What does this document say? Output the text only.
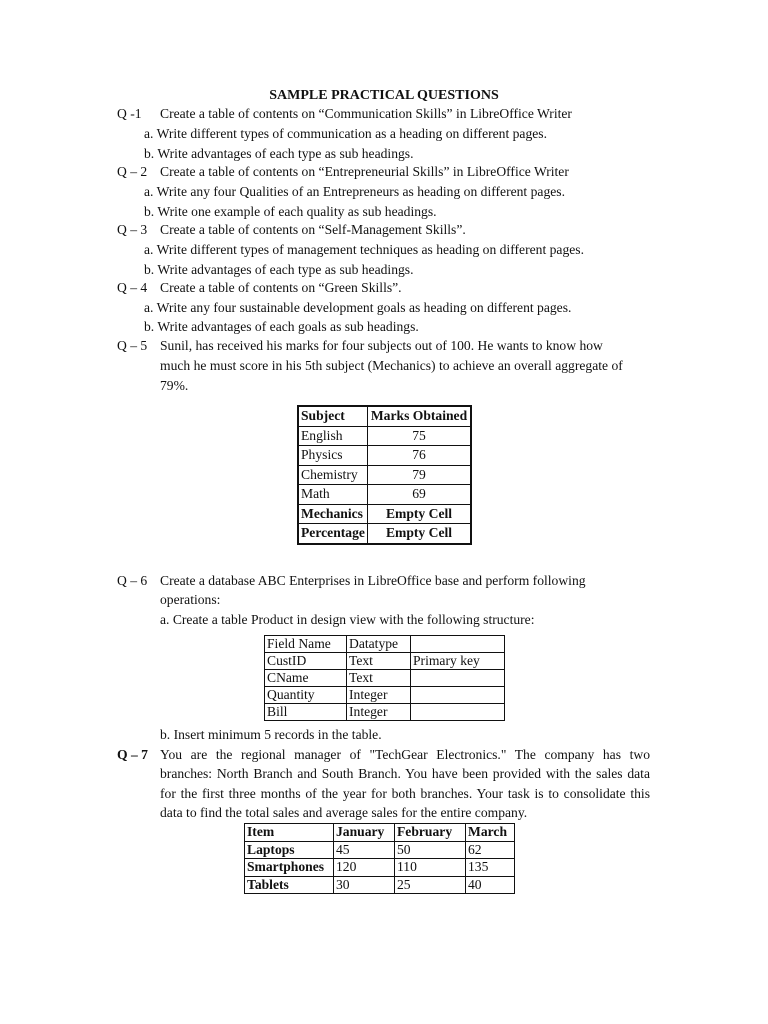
SAMPLE PRACTICAL QUESTIONS
Q -1 Create a table of contents on “Communication Skills” in LibreOffice Writer
a. Write different types of communication as a heading on different pages.
b. Write advantages of each type as sub headings.
Q – 2 Create a table of contents on “Entrepreneurial Skills” in LibreOffice Writer
a. Write any four Qualities of an Entrepreneurs as heading on different pages.
b. Write one example of each quality as sub headings.
Q – 3 Create a table of contents on “Self-Management Skills”.
a. Write different types of management techniques as heading on different pages.
b. Write advantages of each type as sub headings.
Q – 4 Create a table of contents on “Green Skills”.
a. Write any four sustainable development goals as heading on different pages.
b. Write advantages of each goals as sub headings.
Q – 5 Sunil, has received his marks for four subjects out of 100. He wants to know how
much he must score in his 5th subject (Mechanics) to achieve an overall aggregate of
79%.
Subject	Marks Obtained
English	75
Physics	76
Chemistry	79
Math	69
Mechanics	Empty Cell
Percentage	Empty Cell
Q – 6 Create a database ABC Enterprises in LibreOffice base and perform following
operations:
a. Create a table Product in design view with the following structure:
Field Name	Datatype	
CustID	Text	Primary key
CName	Text	
Quantity	Integer	
Bill	Integer	
b. Insert minimum 5 records in the table.
Q – 7 You are the regional manager of "TechGear Electronics." The company has two
branches: North Branch and South Branch. You have been provided with the sales data
for the first three months of the year for both branches. Your task is to consolidate this
data to find the total sales and average sales for the entire company.
Item	January	February	March
Laptops	45	50	62
Smartphones	120	110	135
Tablets	30	25	40
